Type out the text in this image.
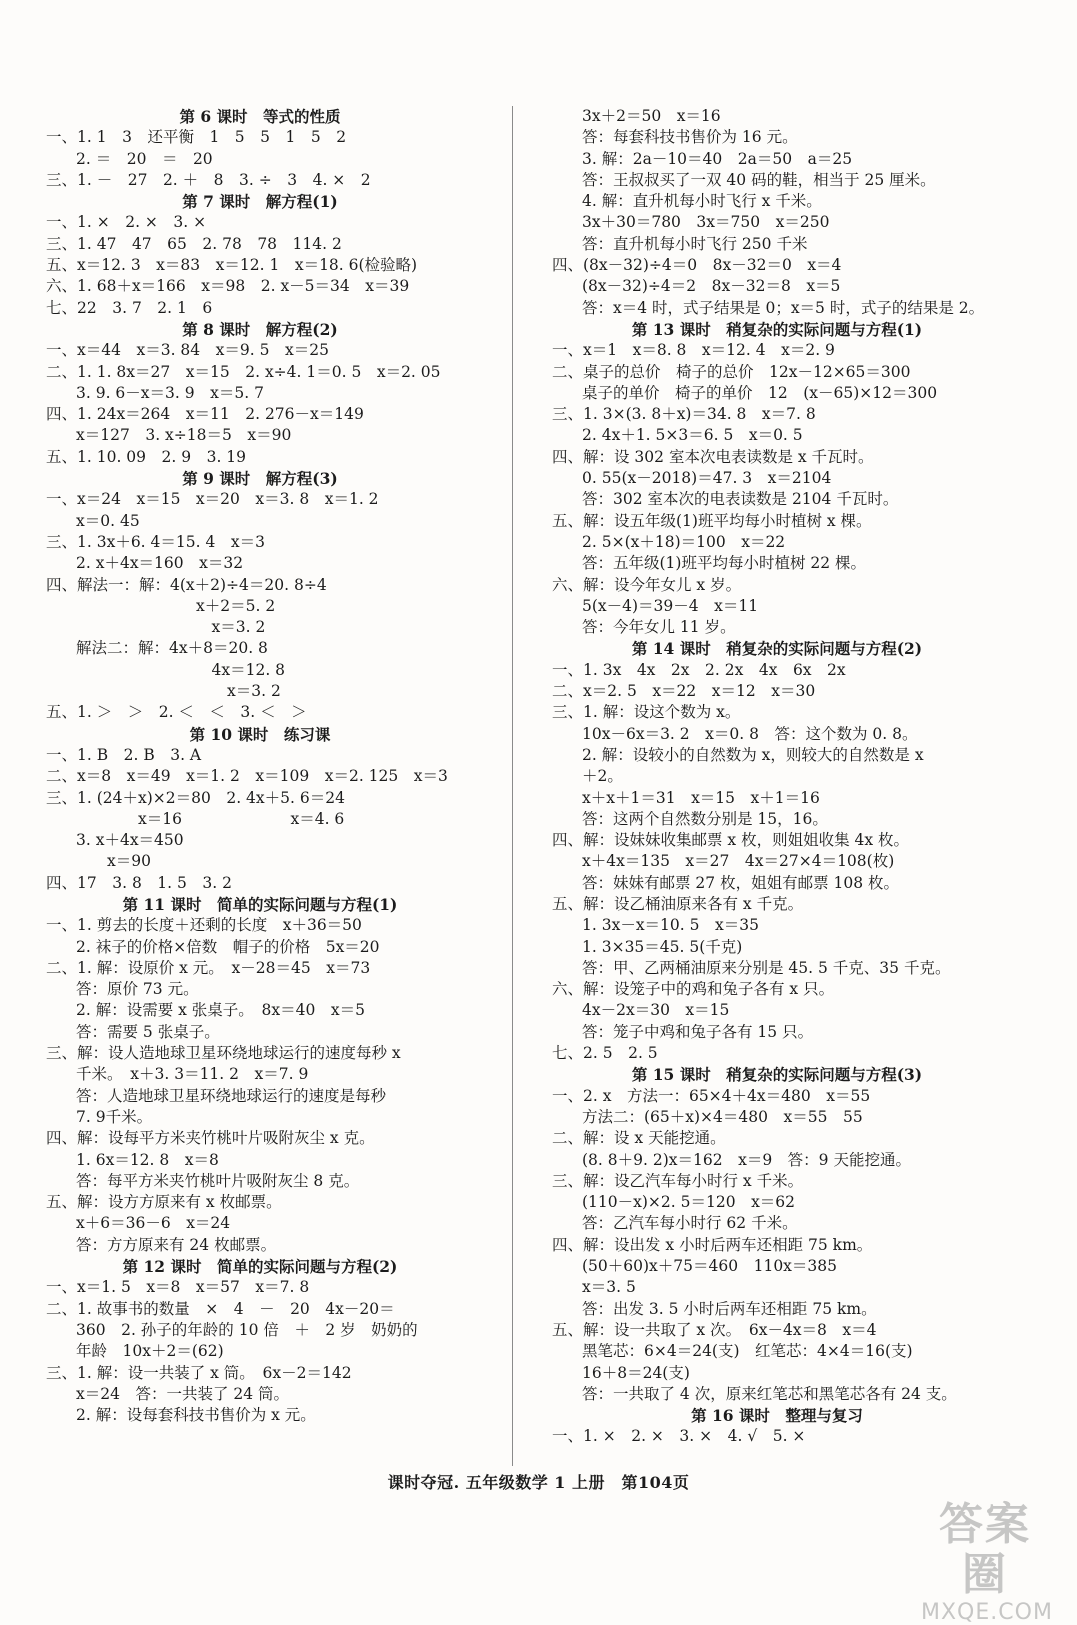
第 6 课时　等式的性质
一、1. 1　3　还平衡　1　5　5　1　5　2
2. ＝　20　＝　20
三、1. －　27　2. ＋　8　3. ÷　3　4. ×　2
第 7 课时　解方程(1)
一、1. ×　2. ×　3. ×
三、1. 47　47　65　2. 78　78　114. 2
五、x＝12. 3　x＝83　x＝12. 1　x＝18. 6(检验略)
六、1. 68＋x＝166　x＝98　2. x－5＝34　x＝39
七、22　3. 7　2. 1　6
第 8 课时　解方程(2)
一、x＝44　x＝3. 84　x＝9. 5　x＝25
二、1. 1. 8x＝27　x＝15　2. x÷4. 1＝0. 5　x＝2. 05
3. 9. 6－x＝3. 9　x＝5. 7
四、1. 24x＝264　x＝11　2. 276－x＝149
x＝127　3. x÷18＝5　x＝90
五、1. 10. 09　2. 9　3. 19
第 9 课时　解方程(3)
一、x＝24　x＝15　x＝20　x＝3. 8　x＝1. 2
x＝0. 45
三、1. 3x＋6. 4＝15. 4　x＝3
2. x＋4x＝160　x＝32
四、解法一：解：4(x＋2)÷4＝20. 8÷4
x＋2＝5. 2
　x＝3. 2
解法二：解：4x＋8＝20. 8
　4x＝12. 8
　　x＝3. 2
五、1. ＞　＞　2. ＜　＜　3. ＜　＞
第 10 课时　练习课
一、1. B　2. B　3. A
二、x＝8　x＝49　x＝1. 2　x＝109　x＝2. 125　x＝3
三、1. (24＋x)×2＝80　2. 4x＋5. 6＝24
　　　　x＝16　　　　　　　x＝4. 6
3. x＋4x＝450
　　x＝90
四、17　3. 8　1. 5　3. 2
第 11 课时　简单的实际问题与方程(1)
一、1. 剪去的长度＋还剩的长度　x＋36＝50
2. 袜子的价格×倍数　帽子的价格　5x＝20
二、1. 解：设原价 x 元。　x－28＝45　x＝73
答：原价 73 元。
2. 解：设需要 x 张桌子。　8x＝40　x＝5
答：需要 5 张桌子。
三、解：设人造地球卫星环绕地球运行的速度每秒 x
千米。　x＋3. 3＝11. 2　x＝7. 9
答：人造地球卫星环绕地球运行的速度是每秒
7. 9千米。
四、解：设每平方米夹竹桃叶片吸附灰尘 x 克。
1. 6x＝12. 8　x＝8
答：每平方米夹竹桃叶片吸附灰尘 8 克。
五、解：设方方原来有 x 枚邮票。
x＋6＝36－6　x＝24
答：方方原来有 24 枚邮票。
第 12 课时　简单的实际问题与方程(2)
一、x＝1. 5　x＝8　x＝57　x＝7. 8
二、1. 故事书的数量　×　4　－　20　4x－20＝
360　2. 孙子的年龄的 10 倍　＋　2 岁　奶奶的
年龄　10x＋2＝(62)
三、1. 解：设一共装了 x 筒。　6x－2＝142
x＝24　答：一共装了 24 筒。
2. 解：设每套科技书售价为 x 元。
3x＋2＝50　x＝16
答：每套科技书售价为 16 元。
3. 解：2a－10＝40　2a＝50　a＝25
答：王叔叔买了一双 40 码的鞋，相当于 25 厘米。
4. 解：直升机每小时飞行 x 千米。
3x＋30＝780　3x＝750　x＝250
答：直升机每小时飞行 250 千米
四、(8x－32)÷4＝0　8x－32＝0　x＝4
(8x－32)÷4＝2　8x－32＝8　x＝5
答：x＝4 时，式子结果是 0；x＝5 时，式子的结果是 2。
第 13 课时　稍复杂的实际问题与方程(1)
一、x＝1　x＝8. 8　x＝12. 4　x＝2. 9
二、桌子的总价　椅子的总价　12x－12×65＝300
桌子的单价　椅子的单价　12　(x－65)×12＝300
三、1. 3×(3. 8＋x)＝34. 8　x＝7. 8
2. 4x＋1. 5×3＝6. 5　x＝0. 5
四、解：设 302 室本次电表读数是 x 千瓦时。
0. 55(x－2018)＝47. 3　x＝2104
答：302 室本次的电表读数是 2104 千瓦时。
五、解：设五年级(1)班平均每小时植树 x 棵。
2. 5×(x＋18)＝100　x＝22
答：五年级(1)班平均每小时植树 22 棵。
六、解：设今年女儿 x 岁。
5(x－4)＝39－4　x＝11
答：今年女儿 11 岁。
第 14 课时　稍复杂的实际问题与方程(2)
一、1. 3x　4x　2x　2. 2x　4x　6x　2x
二、x＝2. 5　x＝22　x＝12　x＝30
三、1. 解：设这个数为 x。
10x－6x＝3. 2　x＝0. 8　答：这个数为 0. 8。
2. 解：设较小的自然数为 x，则较大的自然数是 x
＋2。
x＋x＋1＝31　x＝15　x＋1＝16
答：这两个自然数分别是 15，16。
四、解：设妹妹收集邮票 x 枚，则姐姐收集 4x 枚。
x＋4x＝135　x＝27　4x＝27×4＝108(枚)
答：妹妹有邮票 27 枚，姐姐有邮票 108 枚。
五、解：设乙桶油原来各有 x 千克。
1. 3x－x＝10. 5　x＝35
1. 3×35＝45. 5(千克)
答：甲、乙两桶油原来分别是 45. 5 千克、35 千克。
六、解：设笼子中的鸡和兔子各有 x 只。
4x－2x＝30　x＝15
答：笼子中鸡和兔子各有 15 只。
七、2. 5　2. 5
第 15 课时　稍复杂的实际问题与方程(3)
一、2. x　方法一：65×4＋4x＝480　x＝55
方法二：(65＋x)×4＝480　x＝55　55
二、解：设 x 天能挖通。
(8. 8＋9. 2)x＝162　x＝9　答：9 天能挖通。
三、解：设乙汽车每小时行 x 千米。
(110－x)×2. 5＝120　x＝62
答：乙汽车每小时行 62 千米。
四、解：设出发 x 小时后两车还相距 75 km。
(50＋60)x＋75＝460　110x＝385
x＝3. 5
答：出发 3. 5 小时后两车还相距 75 km。
五、解：设一共取了 x 次。　6x－4x＝8　x＝4
黑笔芯：6×4＝24(支)　红笔芯：4×4＝16(支)
16＋8＝24(支)
答：一共取了 4 次，原来红笔芯和黑笔芯各有 24 支。
第 16 课时　整理与复习
一、1. ×　2. ×　3. ×　4. √　5. ×
课时夺冠. 五年级数学 1 上册　第104页
答案圈
MXQE.COM
